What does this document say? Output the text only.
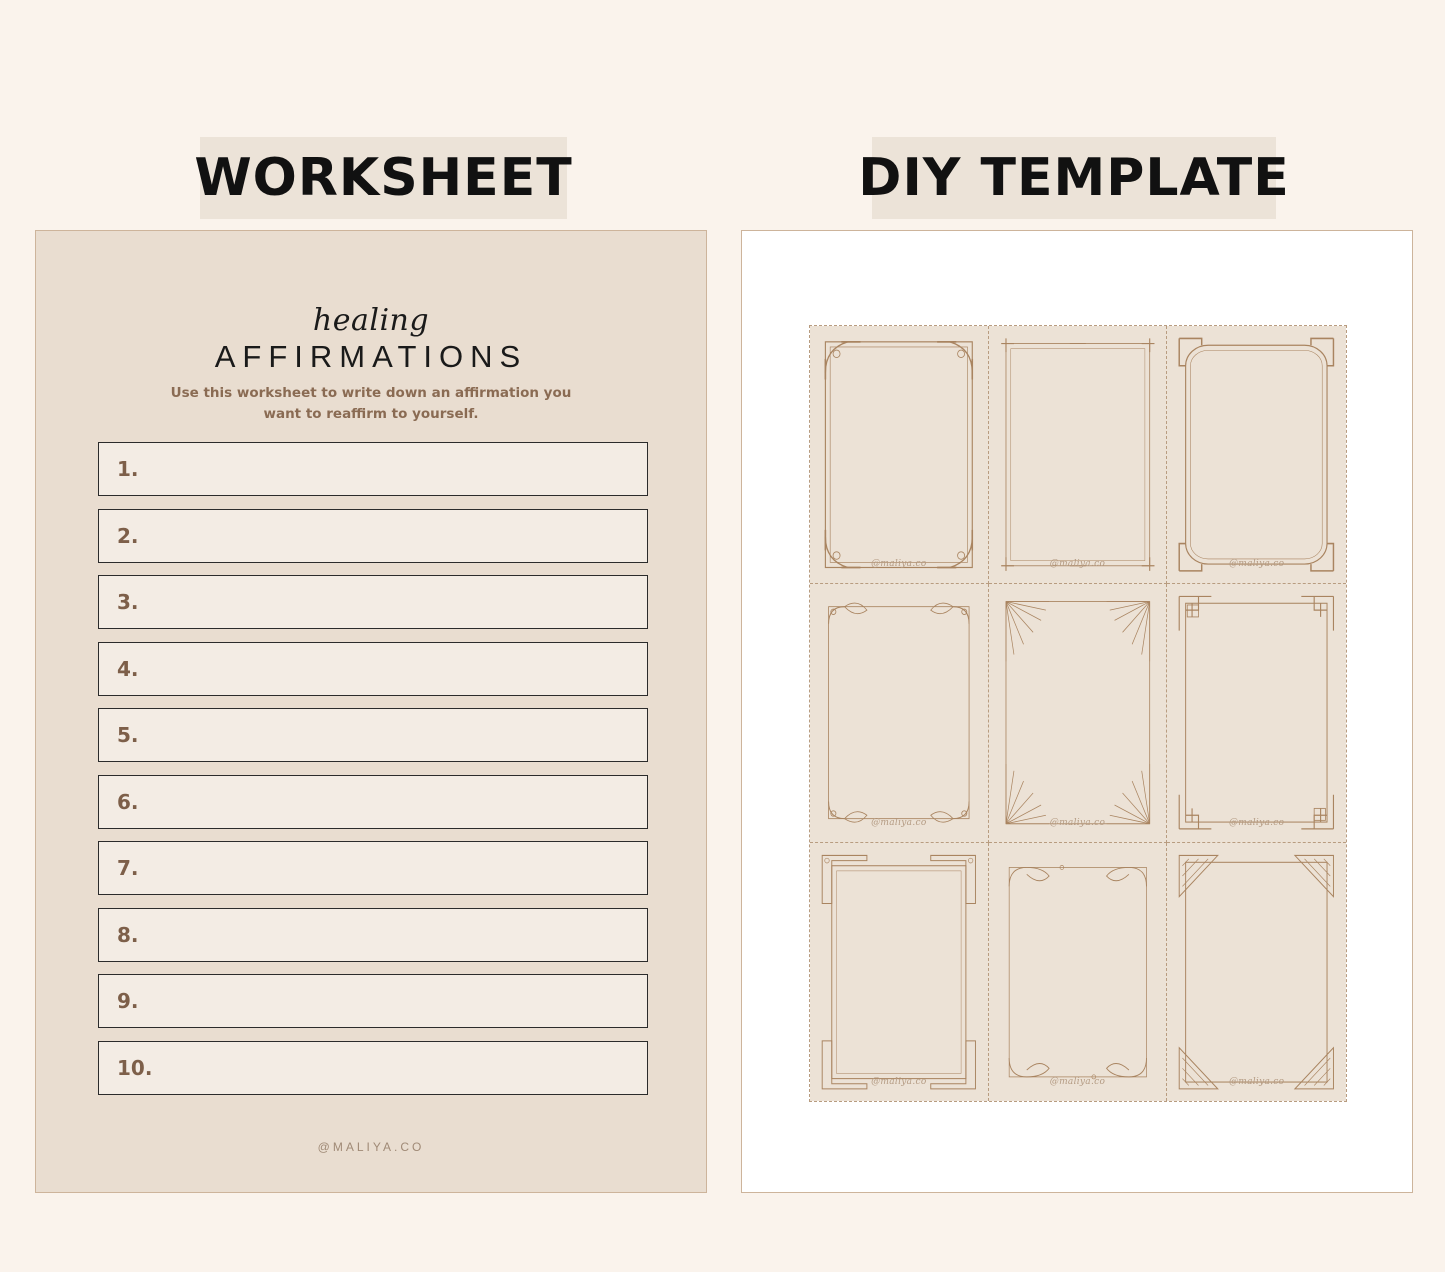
WORKSHEET	DIY TEMPLATE
healing
AFFIRMATIONS
Use this worksheet to write down an affirmation you want to reaffirm to yourself.
1.
2.
3.
4.
5.
6.
7.
8.
9.
10.
@MALIYA.CO
@maliya.co	@maliya.co	@maliya.co
@maliya.co	@maliya.co	@maliya.co
@maliya.co	@maliya.co	@maliya.co
